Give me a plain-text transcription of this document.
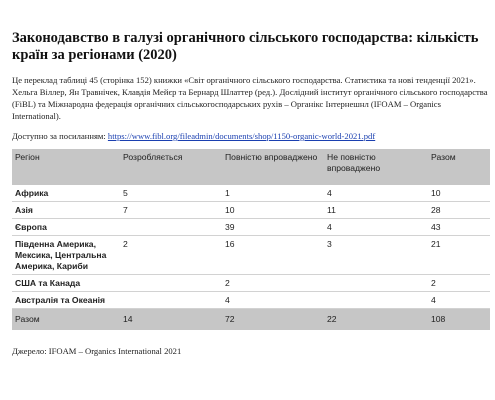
Законодавство в галузі органічного сільського господарства: кількість країн за регіонами (2020)

Це переклад таблиці 45 (сторінка 152) книжки «Світ органічного сільського господарства. Статистика та нові тенденції 2021». Хельга Віллер, Ян Травнічек, Клавдія Мейєр та Бернард Шлаттер (ред.). Дослідний інститут органічного сільського господарства (FiBL) та Міжнародна федерація органічних сільськогосподарських рухів – Органікс Інтернешнл (IFOAM – Organics International).

Доступно за посиланням: https://www.fibl.org/fileadmin/documents/shop/1150-organic-world-2021.pdf

Регіон	Розробляється	Повністю впроваджено	Не повністю впроваджено	Разом
Африка	5	1	4	10
Азія	7	10	11	28
Європа		39	4	43
Південна Америка, Мексика, Центральна Америка, Кариби	2	16	3	21
США та Канада		2		2
Австралія та Океанія		4		4
Разом	14	72	22	108

Джерело: IFOAM – Organics International 2021
